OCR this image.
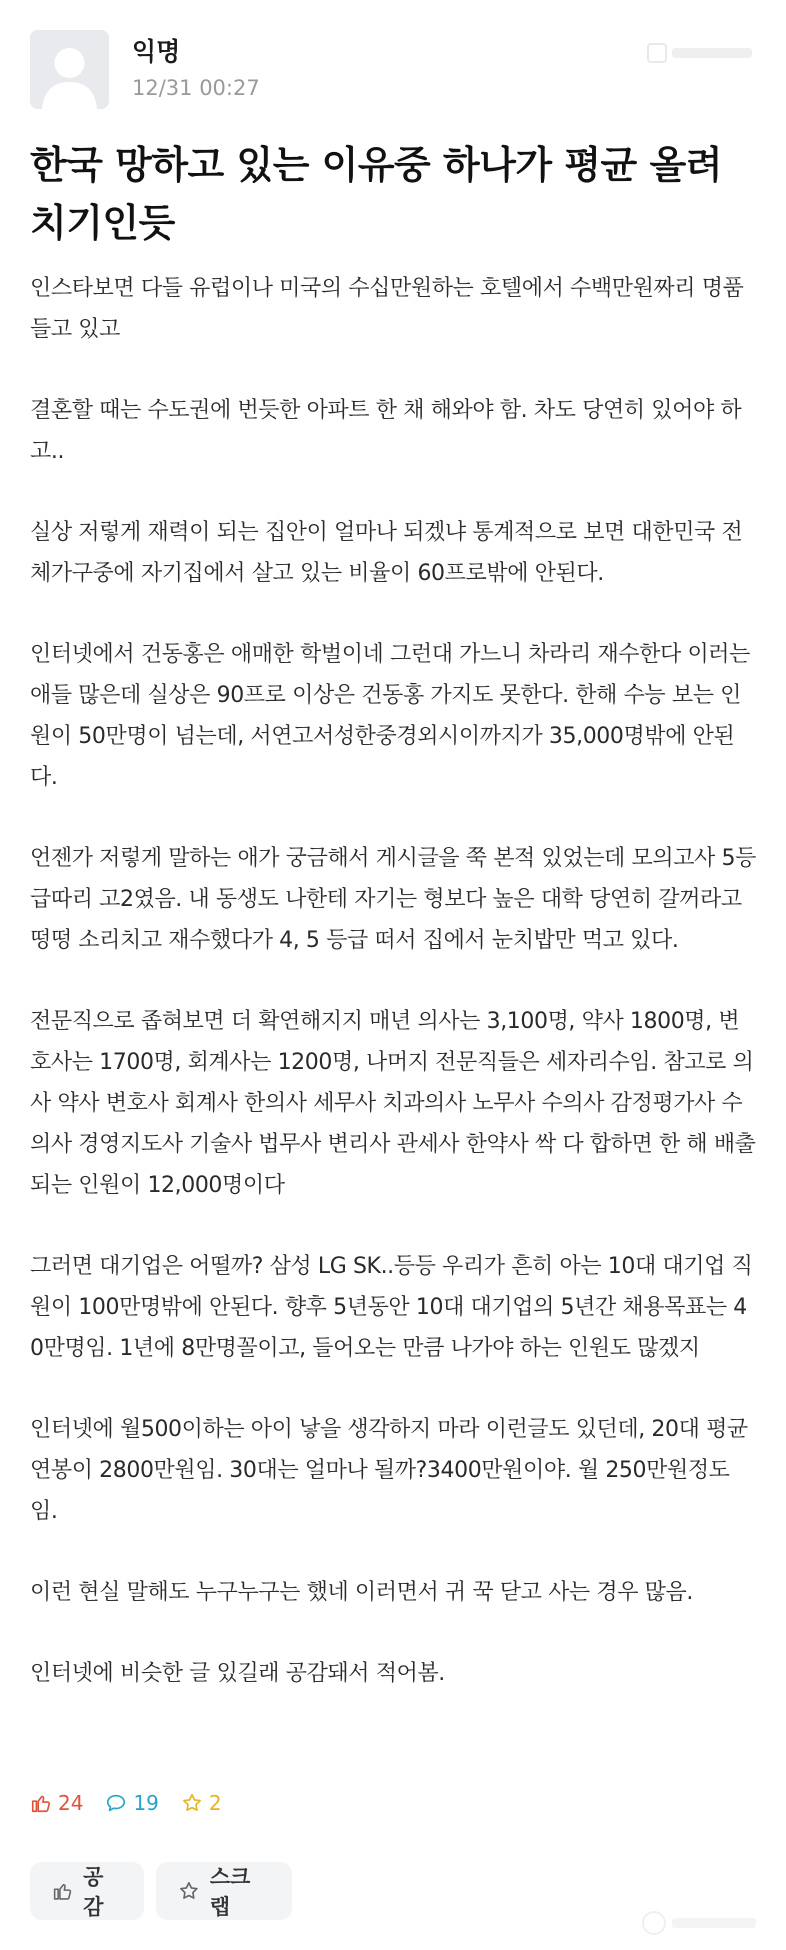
익명
12/31 00:27
한국 망하고 있는 이유중 하나가 평균 올려
치기인듯

인스타보면 다들 유럽이나 미국의 수십만원하는 호텔에서 수백만원짜리 명품들고 있고

결혼할 때는 수도권에 번듯한 아파트 한 채 해와야 함. 차도 당연히 있어야 하고..

실상 저렇게 재력이 되는 집안이 얼마나 되겠냐 통계적으로 보면 대한민국 전체가구중에 자기집에서 살고 있는 비율이 60프로밖에 안된다.

인터넷에서 건동홍은 애매한 학벌이네 그런대 가느니 차라리 재수한다 이러는 애들 많은데 실상은 90프로 이상은 건동홍 가지도 못한다. 한해 수능 보는 인원이 50만명이 넘는데, 서연고서성한중경외시이까지가 35,000명밖에 안된다.

언젠가 저렇게 말하는 애가 궁금해서 게시글을 쭉 본적 있었는데 모의고사 5등급따리 고2였음. 내 동생도 나한테 자기는 형보다 높은 대학 당연히 갈꺼라고 떵떵 소리치고 재수했다가 4, 5 등급 떠서 집에서 눈치밥만 먹고 있다.

전문직으로 좁혀보면 더 확연해지지 매년 의사는 3,100명, 약사 1800명, 변호사는 1700명, 회계사는 1200명, 나머지 전문직들은 세자리수임. 참고로 의사 약사 변호사 회계사 한의사 세무사 치과의사 노무사 수의사 감정평가사 수의사 경영지도사 기술사 법무사 변리사 관세사 한약사 싹 다 합하면 한 해 배출되는 인원이 12,000명이다

그러면 대기업은 어떨까? 삼성 LG SK..등등 우리가 흔히 아는 10대 대기업 직원이 100만명밖에 안된다. 향후 5년동안 10대 대기업의 5년간 채용목표는 40만명임. 1년에 8만명꼴이고, 들어오는 만큼 나가야 하는 인원도 많겠지

인터넷에 월500이하는 아이 낳을 생각하지 마라 이런글도 있던데, 20대 평균연봉이 2800만원임. 30대는 얼마나 될까?3400만원이야. 월 250만원정도임.

이런 현실 말해도 누구누구는 했네 이러면서 귀 꾹 닫고 사는 경우 많음.

인터넷에 비슷한 글 있길래 공감돼서 적어봄.

24	19	2
공감
스크랩
